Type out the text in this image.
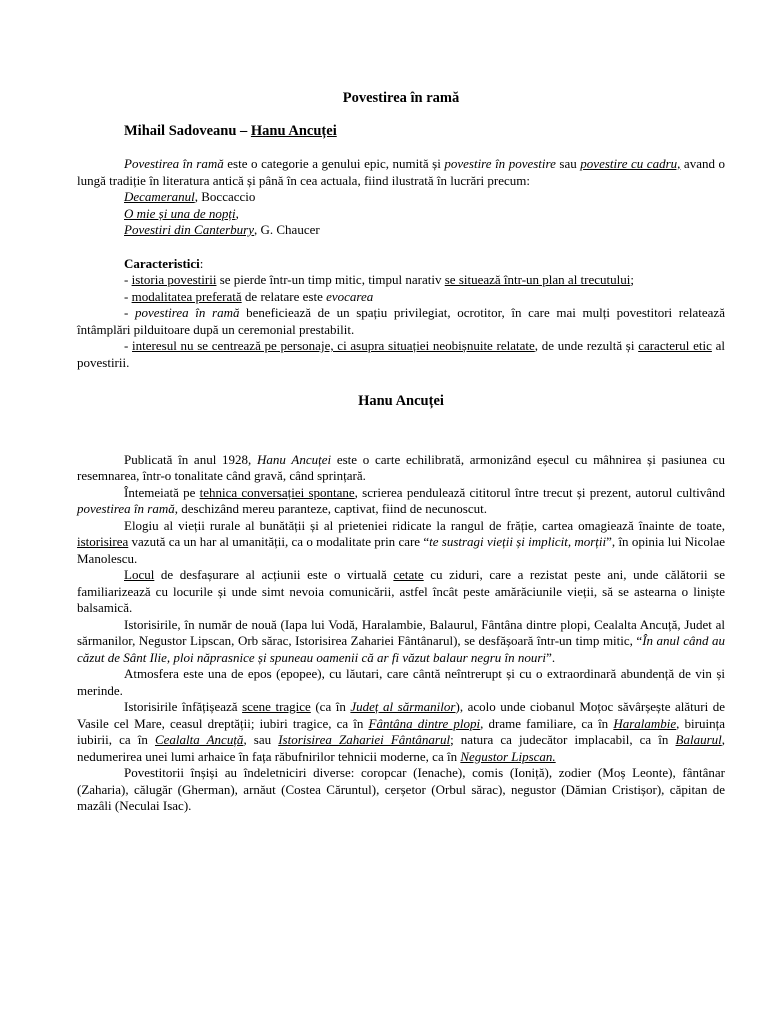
Povestirea în ramă
Mihail Sadoveanu – Hanu Ancuței

Povestirea în ramă este o categorie a genului epic, numită și povestire în povestire sau povestire cu cadru, avand o lungă tradiție în literatura antică și până în cea actuala, fiind ilustrată în lucrări precum:

Decameranul, Boccaccio
O mie și una de nopți,
Povestiri din Canterbury, G. Chaucer
Caracteristici:

- istoria povestirii se pierde într-un timp mitic, timpul narativ se situează într-un plan al trecutului;

- modalitatea preferată de relatare este evocarea

- povestirea în ramă beneficiează de un spațiu privilegiat, ocrotitor, în care mai mulți povestitori relatează întâmplări pilduitoare după un ceremonial prestabilit.

- interesul nu se centrează pe personaje, ci asupra situației neobișnuite relatate, de unde rezultă și caracterul etic al povestirii.

Hanu Ancuței

Publicată în anul 1928, Hanu Ancuței este o carte echilibrată, armonizând eșecul cu mâhnirea și pasiunea cu resemnarea, într-o tonalitate când gravă, când sprințară.

Întemeiată pe tehnica conversației spontane, scrierea pendulează cititorul între trecut și prezent, autorul cultivând povestirea în ramă, deschizând mereu paranteze, captivat, fiind de necunoscut.

Elogiu al vieții rurale al bunătății și al prieteniei ridicate la rangul de frăție, cartea omagiează înainte de toate, istorisirea vazută ca un har al umanității, ca o modalitate prin care “te sustragi vieții și implicit, morții”, în opinia lui Nicolae Manolescu.

Locul de desfașurare al acțiunii este o virtuală cetate cu ziduri, care a rezistat peste ani, unde călătorii se familiarizează cu locurile și unde simt nevoia comunicării, astfel încât peste amărăciunile vieții, să se astearna o liniște balsamică.

Istorisirile, în număr de nouă (Iapa lui Vodă, Haralambie, Balaurul, Fântâna dintre plopi, Cealalta Ancuță, Judet al sărmanilor, Negustor Lipscan, Orb sărac, Istorisirea Zahariei Fântânarul), se desfășoară într-un timp mitic, “În anul când au căzut de Sânt Ilie, ploi năprasnice și spuneau oamenii că ar fi văzut balaur negru în nouri”.

Atmosfera este una de epos (epopee), cu lăutari, care cântă neîntrerupt și cu o extraordinară abundență de vin și merinde.

Istorisirile înfățișează scene tragice (ca în Județ al sărmanilor), acolo unde ciobanul Moțoc săvârșește alături de Vasile cel Mare, ceasul dreptății; iubiri tragice, ca în Fântâna dintre plopi, drame familiare, ca în Haralambie, biruința iubirii, ca în Cealalta Ancuță, sau Istorisirea Zahariei Fântânarul; natura ca judecător implacabil, ca în Balaurul, nedumerirea unei lumi arhaice în fața răbufnirilor tehnicii moderne, ca în Negustor Lipscan.

Povestitorii înșiși au îndeletniciri diverse: coropcar (Ienache), comis (Ioniță), zodier (Moș Leonte), fântânar (Zaharia), călugăr (Gherman), arnăut (Costea Căruntul), cerșetor (Orbul sărac), negustor (Dămian Cristișor), căpitan de mazâli (Neculai Isac).
